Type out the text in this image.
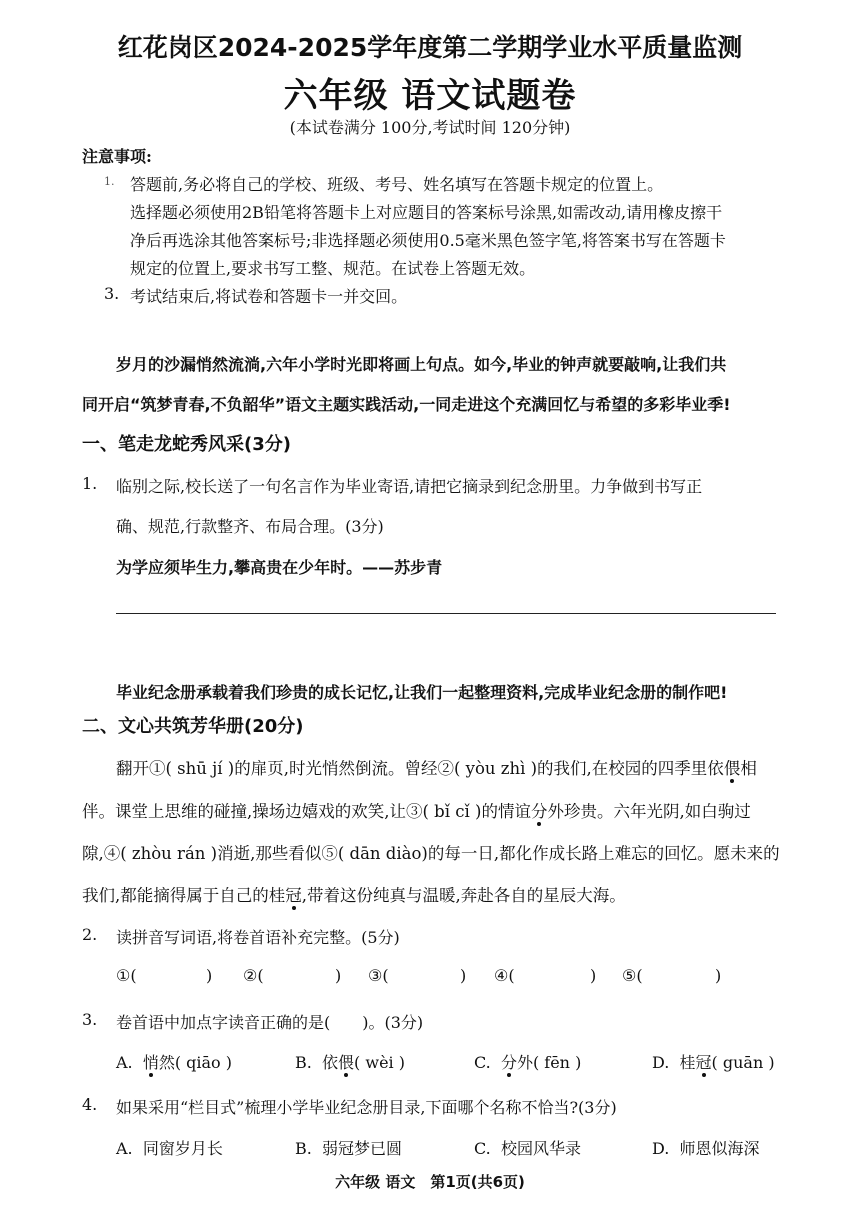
红花岗区2024-2025学年度第二学期学业水平质量监测
六年级 语文试题卷
(本试卷满分 100分,考试时间 120分钟)
注意事项:
1. 答题前,务必将自己的学校、班级、考号、姓名填写在答题卡规定的位置上。
选择题必须使用2B铅笔将答题卡上对应题目的答案标号涂黑,如需改动,请用橡皮擦干
净后再选涂其他答案标号;非选择题必须使用0.5毫米黑色签字笔,将答案书写在答题卡
规定的位置上,要求书写工整、规范。在试卷上答题无效。
3. 考试结束后,将试卷和答题卡一并交回。
岁月的沙漏悄然流淌,六年小学时光即将画上句点。如今,毕业的钟声就要敲响,让我们共
同开启“筑梦青春,不负韶华”语文主题实践活动,一同走进这个充满回忆与希望的多彩毕业季!
一、笔走龙蛇秀风采(3分)
1. 临别之际,校长送了一句名言作为毕业寄语,请把它摘录到纪念册里。力争做到书写正
确、规范,行款整齐、布局合理。(3分)
为学应须毕生力,攀高贵在少年时。——苏步青
毕业纪念册承载着我们珍贵的成长记忆,让我们一起整理资料,完成毕业纪念册的制作吧!
二、文心共筑芳华册(20分)
翻开①( shū jí )的扉页,时光悄然倒流。曾经②( yòu zhì )的我们,在校园的四季里依偎相
伴。课堂上思维的碰撞,操场边嬉戏的欢笑,让③( bǐ cǐ )的情谊分外珍贵。六年光阴,如白驹过
隙,④( zhòu rán )消逝,那些看似⑤( dān diào)的每一日,都化作成长路上难忘的回忆。愿未来的
我们,都能摘得属于自己的桂冠,带着这份纯真与温暖,奔赴各自的星辰大海。
2. 读拼音写词语,将卷首语补充完整。(5分)
①(	) ②(	) ③(	) ④(	) ⑤(	)
3. 卷首语中加点字读音正确的是(　　)。(3分)
A. 悄然( qiāo )	B. 依偎( wèi )	C. 分外( fēn )	D. 桂冠( guān )
4. 如果采用“栏目式”梳理小学毕业纪念册目录,下面哪个名称不恰当?(3分)
A. 同窗岁月长	B. 弱冠梦已圆	C. 校园风华录	D. 师恩似海深
六年级 语文　第1页(共6页)
